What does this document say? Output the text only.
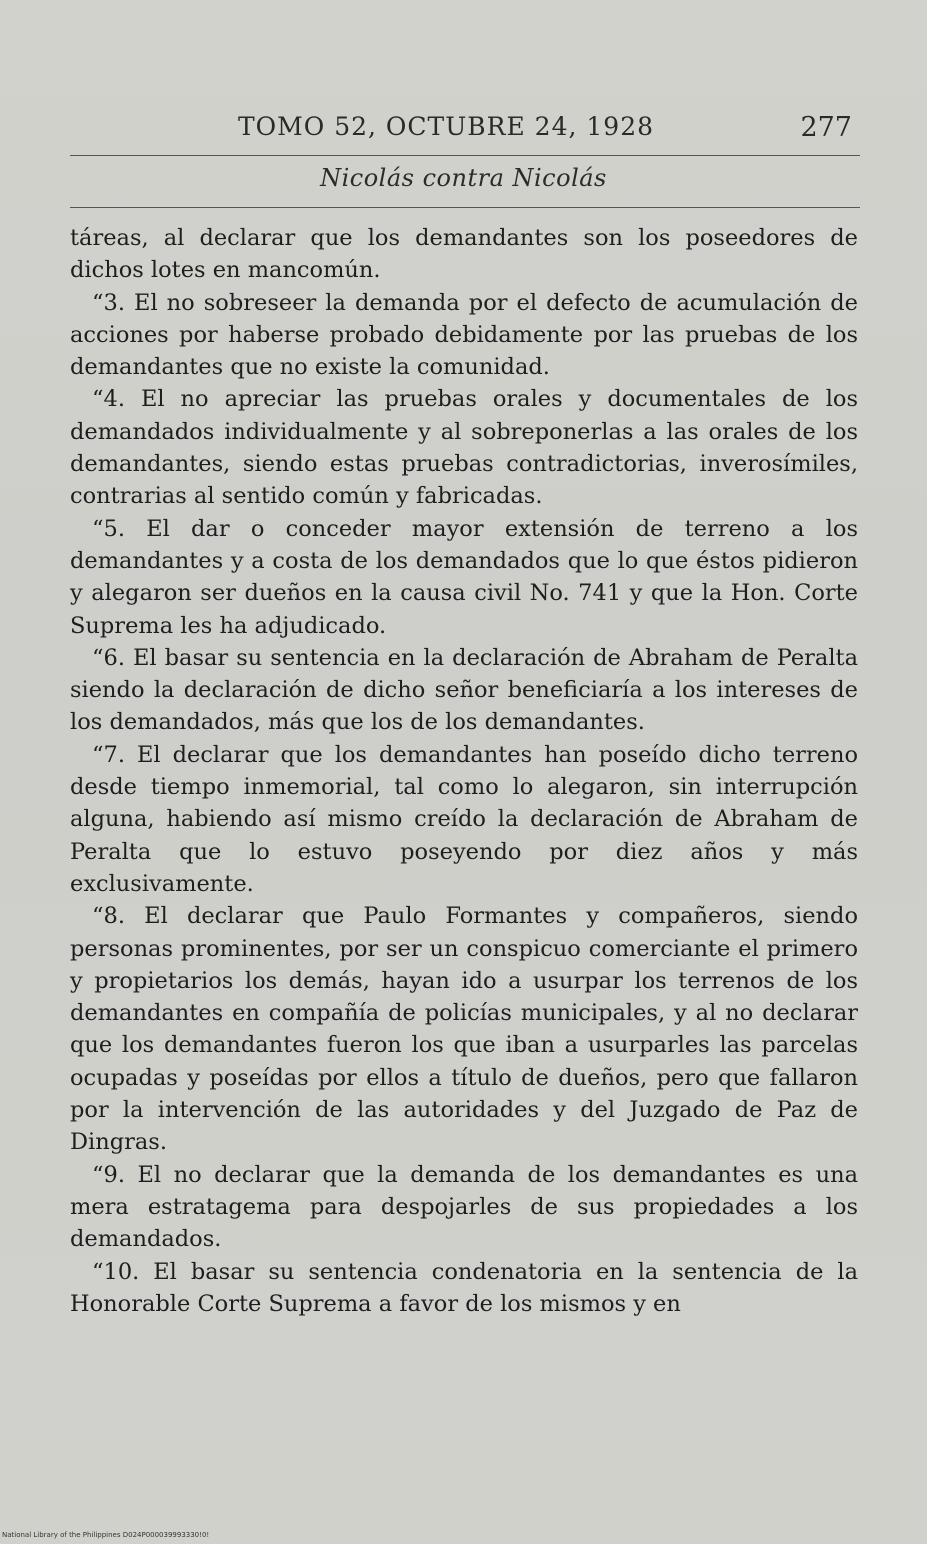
TOMO 52, OCTUBRE 24, 1928	277
Nicolás contra Nicolás

táreas, al declarar que los demandantes son los poseedores de dichos lotes en mancomún.

“3. El no sobreseer la demanda por el defecto de acumulación de acciones por haberse probado debidamente por las pruebas de los demandantes que no existe la comunidad.

“4. El no apreciar las pruebas orales y documentales de los demandados individualmente y al sobreponerlas a las orales de los demandantes, siendo estas pruebas contradictorias, inverosímiles, contrarias al sentido común y fabricadas.

“5. El dar o conceder mayor extensión de terreno a los demandantes y a costa de los demandados que lo que éstos pidieron y alegaron ser dueños en la causa civil No. 741 y que la Hon. Corte Suprema les ha adjudicado.

“6. El basar su sentencia en la declaración de Abraham de Peralta siendo la declaración de dicho señor beneficiaría a los intereses de los demandados, más que los de los demandantes.

“7. El declarar que los demandantes han poseído dicho terreno desde tiempo inmemorial, tal como lo alegaron, sin interrupción alguna, habiendo así mismo creído la declaración de Abraham de Peralta que lo estuvo poseyendo por diez años y más exclusivamente.

“8. El declarar que Paulo Formantes y compañeros, siendo personas prominentes, por ser un conspicuo comerciante el primero y propietarios los demás, hayan ido a usurpar los terrenos de los demandantes en compañía de policías municipales, y al no declarar que los demandantes fueron los que iban a usurparles las parcelas ocupadas y poseídas por ellos a título de dueños, pero que fallaron por la intervención de las autoridades y del Juzgado de Paz de Dingras.

“9. El no declarar que la demanda de los demandantes es una mera estratagema para despojarles de sus propiedades a los demandados.

“10. El basar su sentencia condenatoria en la sentencia de la Honorable Corte Suprema a favor de los mismos y en

National Library of the Philippines D024P000039993330!0!
